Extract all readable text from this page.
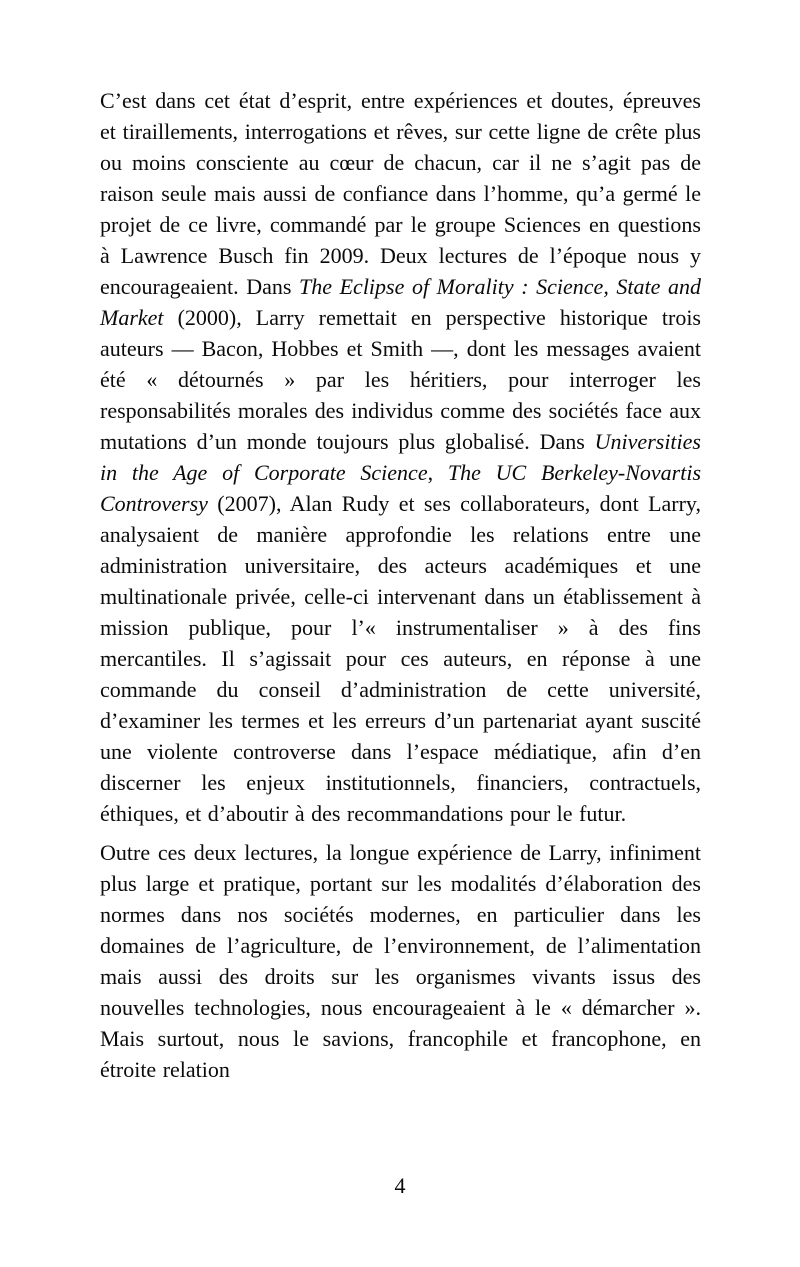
C’est dans cet état d’esprit, entre expériences et doutes, épreuves et tiraillements, interrogations et rêves, sur cette ligne de crête plus ou moins consciente au cœur de chacun, car il ne s’agit pas de raison seule mais aussi de confiance dans l’homme, qu’a germé le projet de ce livre, commandé par le groupe Sciences en questions à Lawrence Busch fin 2009. Deux lectures de l’époque nous y encourageaient. Dans The Eclipse of Morality : Science, State and Market (2000), Larry remettait en perspective historique trois auteurs — Bacon, Hobbes et Smith —, dont les messages avaient été « détournés » par les héritiers, pour interroger les responsabilités morales des individus comme des sociétés face aux mutations d’un monde toujours plus globalisé. Dans Universities in the Age of Corporate Science, The UC Berkeley-Novartis Controversy (2007), Alan Rudy et ses collaborateurs, dont Larry, analysaient de manière approfondie les relations entre une administration universitaire, des acteurs académiques et une multinationale privée, celle-ci intervenant dans un établissement à mission publique, pour l’« instrumentaliser » à des fins mercantiles. Il s’agissait pour ces auteurs, en réponse à une commande du conseil d’administration de cette université, d’examiner les termes et les erreurs d’un partenariat ayant suscité une violente controverse dans l’espace médiatique, afin d’en discerner les enjeux institutionnels, financiers, contractuels, éthiques, et d’aboutir à des recommandations pour le futur.

Outre ces deux lectures, la longue expérience de Larry, infiniment plus large et pratique, portant sur les modalités d’élaboration des normes dans nos sociétés modernes, en particulier dans les domaines de l’agriculture, de l’environnement, de l’alimentation mais aussi des droits sur les organismes vivants issus des nouvelles technologies, nous encourageaient à le « démarcher ». Mais surtout, nous le savions, francophile et francophone, en étroite relation

4
